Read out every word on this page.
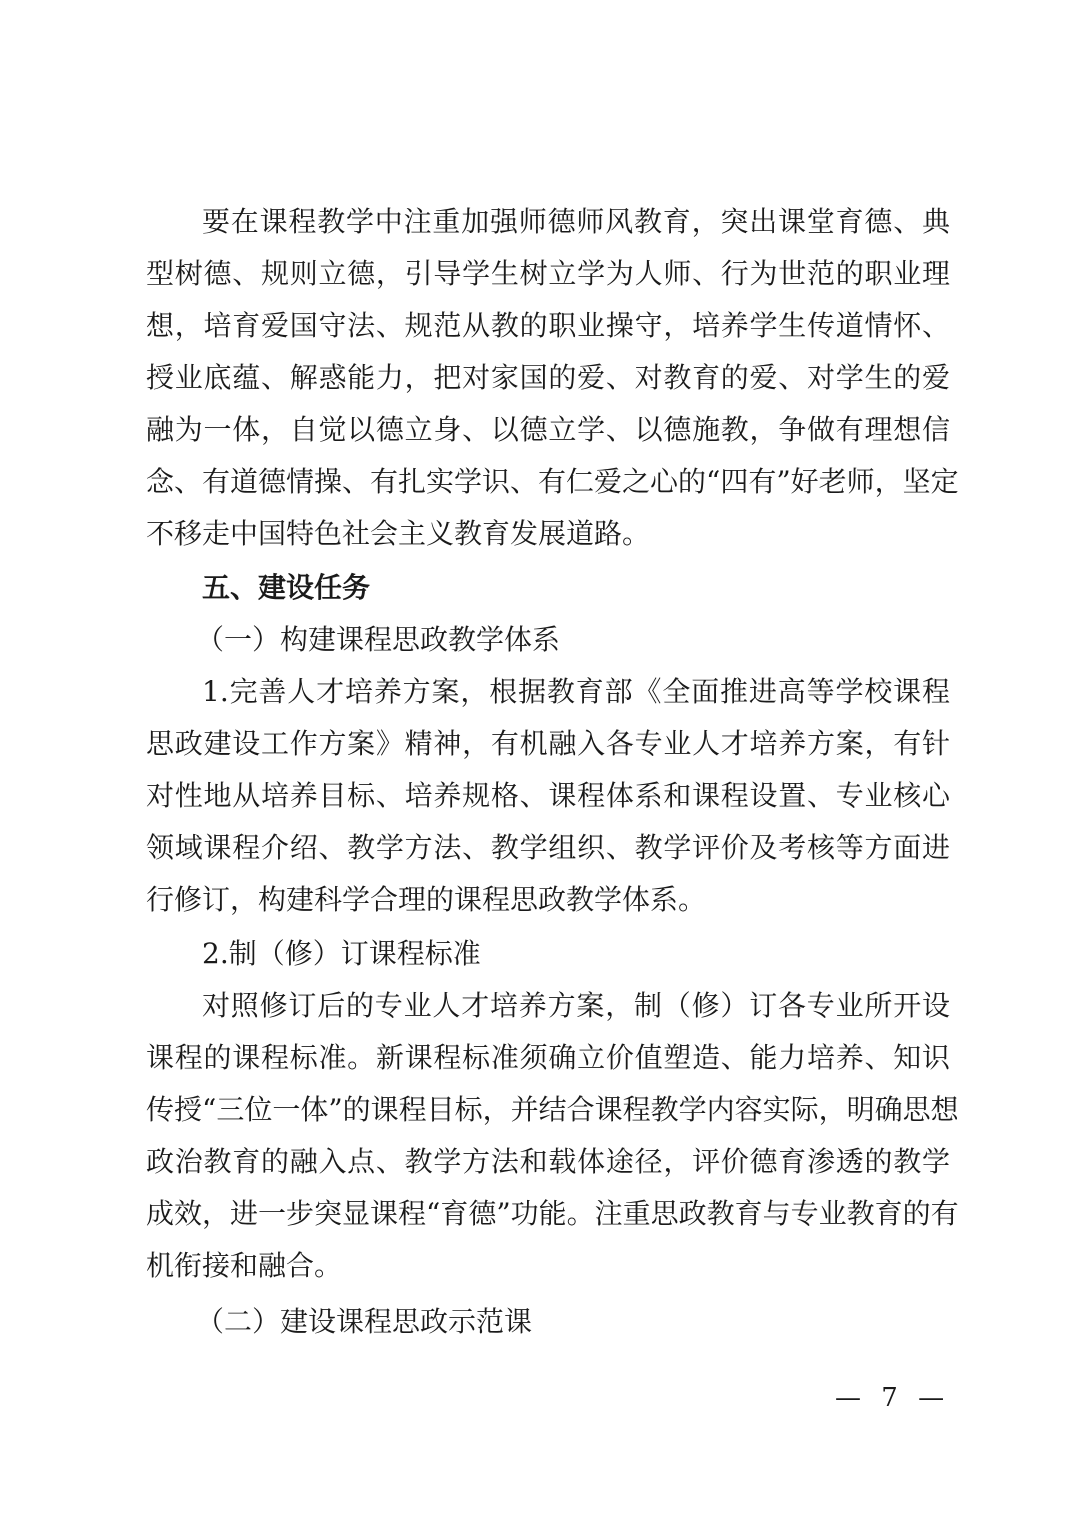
要在课程教学中注重加强师德师风教育，突出课堂育德、典
型树德、规则立德，引导学生树立学为人师、行为世范的职业理
想，培育爱国守法、规范从教的职业操守，培养学生传道情怀、
授业底蕴、解惑能力，把对家国的爱、对教育的爱、对学生的爱
融为一体，自觉以德立身、以德立学、以德施教，争做有理想信
念、有道德情操、有扎实学识、有仁爱之心的“四有”好老师，坚定
不移走中国特色社会主义教育发展道路。
五、建设任务
（一）构建课程思政教学体系
1.完善人才培养方案，根据教育部《全面推进高等学校课程
思政建设工作方案》精神，有机融入各专业人才培养方案，有针
对性地从培养目标、培养规格、课程体系和课程设置、专业核心
领域课程介绍、教学方法、教学组织、教学评价及考核等方面进
行修订，构建科学合理的课程思政教学体系。
2.制（修）订课程标准
对照修订后的专业人才培养方案，制（修）订各专业所开设
课程的课程标准。新课程标准须确立价值塑造、能力培养、知识
传授“三位一体”的课程目标，并结合课程教学内容实际，明确思想
政治教育的融入点、教学方法和载体途径，评价德育渗透的教学
成效，进一步突显课程“育德”功能。注重思政教育与专业教育的有
机衔接和融合。
（二）建设课程思政示范课
— 7 —
